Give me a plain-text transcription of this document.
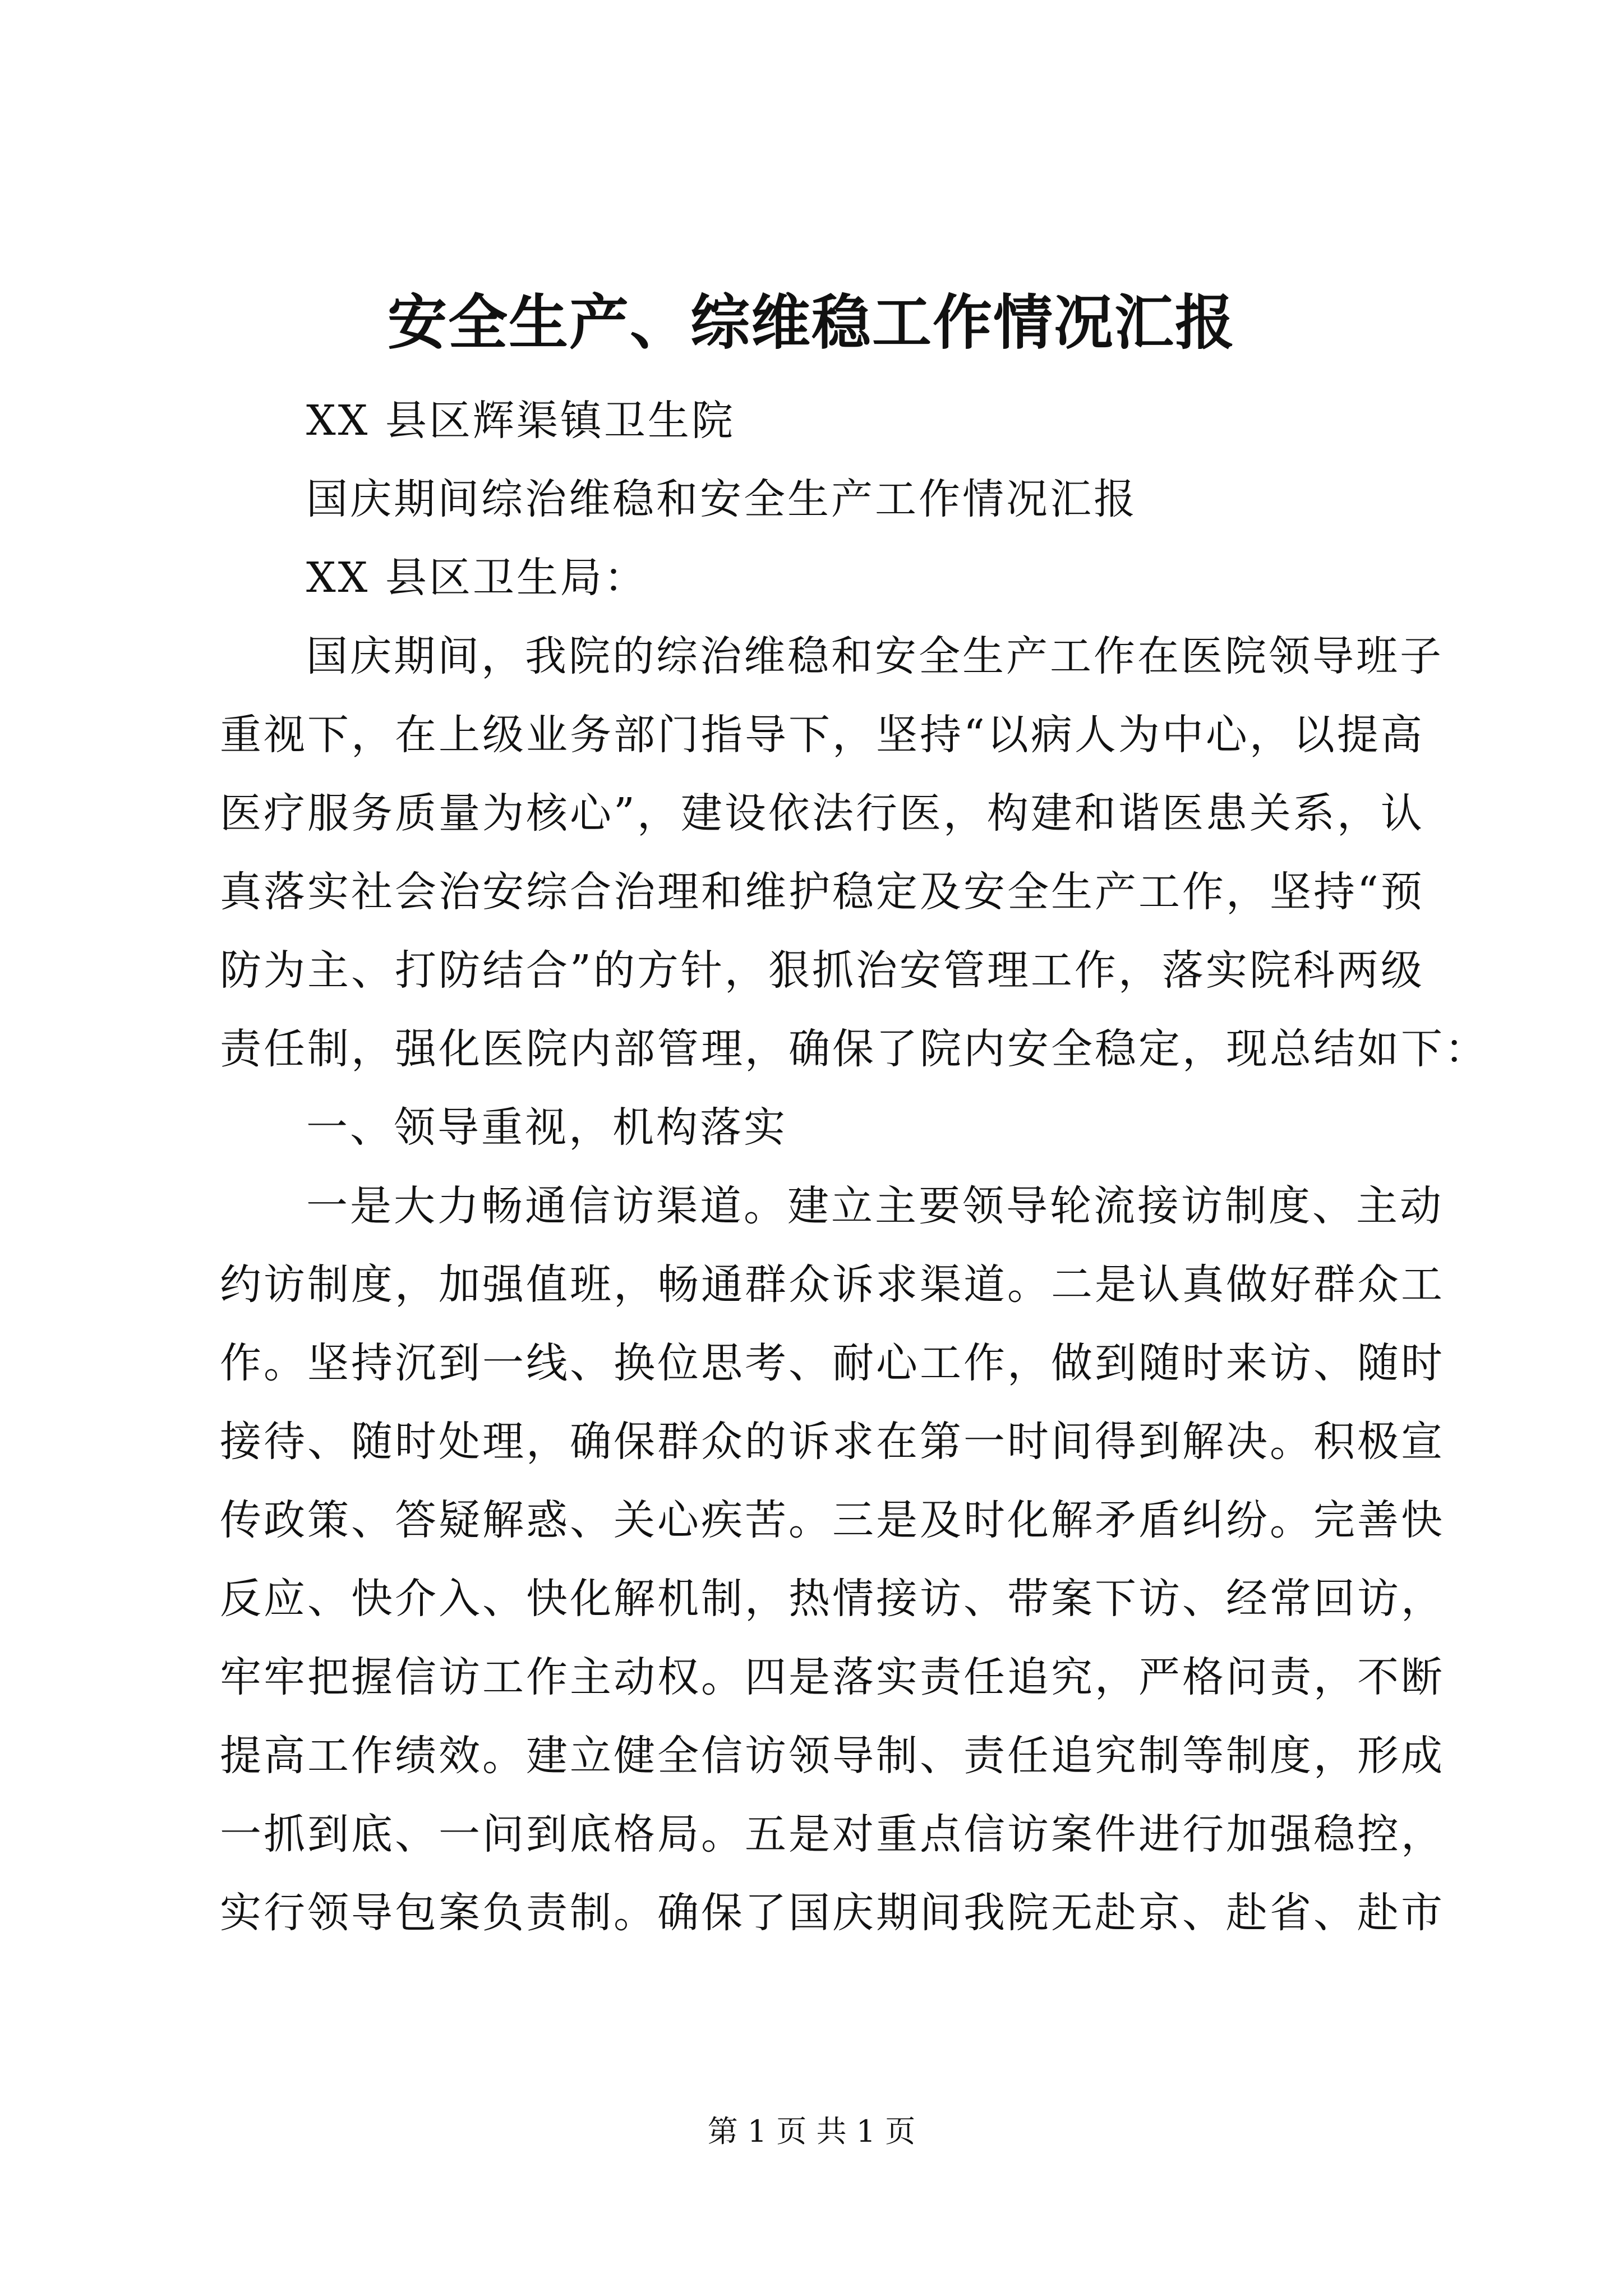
安全生产、综维稳工作情况汇报
XX 县区辉渠镇卫生院
国庆期间综治维稳和安全生产工作情况汇报
XX 县区卫生局：
国庆期间，我院的综治维稳和安全生产工作在医院领导班子
重视下，在上级业务部门指导下，坚持“以病人为中心，以提高
医疗服务质量为核心”，建设依法行医，构建和谐医患关系，认
真落实社会治安综合治理和维护稳定及安全生产工作，坚持“预
防为主、打防结合”的方针，狠抓治安管理工作，落实院科两级
责任制，强化医院内部管理，确保了院内安全稳定，现总结如下：
一、领导重视，机构落实
一是大力畅通信访渠道。建立主要领导轮流接访制度、主动
约访制度，加强值班，畅通群众诉求渠道。二是认真做好群众工
作。坚持沉到一线、换位思考、耐心工作，做到随时来访、随时
接待、随时处理，确保群众的诉求在第一时间得到解决。积极宣
传政策、答疑解惑、关心疾苦。三是及时化解矛盾纠纷。完善快
反应、快介入、快化解机制，热情接访、带案下访、经常回访，
牢牢把握信访工作主动权。四是落实责任追究，严格问责，不断
提高工作绩效。建立健全信访领导制、责任追究制等制度，形成
一抓到底、一问到底格局。五是对重点信访案件进行加强稳控，
实行领导包案负责制。确保了国庆期间我院无赴京、赴省、赴市
第 1 页 共 1 页
